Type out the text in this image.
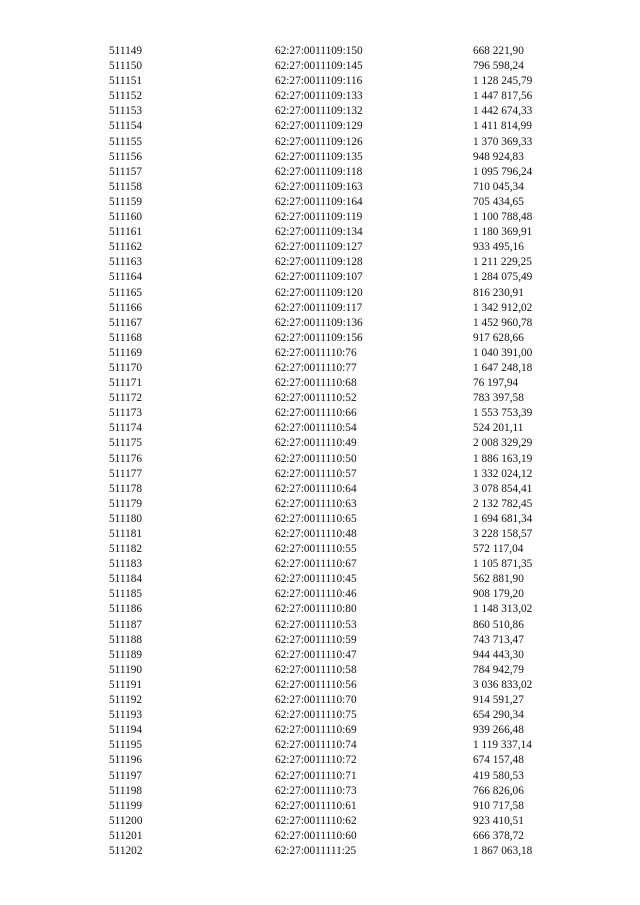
511149	62:27:0011109:150	668 221,90
511150	62:27:0011109:145	796 598,24
511151	62:27:0011109:116	1 128 245,79
511152	62:27:0011109:133	1 447 817,56
511153	62:27:0011109:132	1 442 674,33
511154	62:27:0011109:129	1 411 814,99
511155	62:27:0011109:126	1 370 369,33
511156	62:27:0011109:135	948 924,83
511157	62:27:0011109:118	1 095 796,24
511158	62:27:0011109:163	710 045,34
511159	62:27:0011109:164	705 434,65
511160	62:27:0011109:119	1 100 788,48
511161	62:27:0011109:134	1 180 369,91
511162	62:27:0011109:127	933 495,16
511163	62:27:0011109:128	1 211 229,25
511164	62:27:0011109:107	1 284 075,49
511165	62:27:0011109:120	816 230,91
511166	62:27:0011109:117	1 342 912,02
511167	62:27:0011109:136	1 452 960,78
511168	62:27:0011109:156	917 628,66
511169	62:27:0011110:76	1 040 391,00
511170	62:27:0011110:77	1 647 248,18
511171	62:27:0011110:68	76 197,94
511172	62:27:0011110:52	783 397,58
511173	62:27:0011110:66	1 553 753,39
511174	62:27:0011110:54	524 201,11
511175	62:27:0011110:49	2 008 329,29
511176	62:27:0011110:50	1 886 163,19
511177	62:27:0011110:57	1 332 024,12
511178	62:27:0011110:64	3 078 854,41
511179	62:27:0011110:63	2 132 782,45
511180	62:27:0011110:65	1 694 681,34
511181	62:27:0011110:48	3 228 158,57
511182	62:27:0011110:55	572 117,04
511183	62:27:0011110:67	1 105 871,35
511184	62:27:0011110:45	562 881,90
511185	62:27:0011110:46	908 179,20
511186	62:27:0011110:80	1 148 313,02
511187	62:27:0011110:53	860 510,86
511188	62:27:0011110:59	743 713,47
511189	62:27:0011110:47	944 443,30
511190	62:27:0011110:58	784 942,79
511191	62:27:0011110:56	3 036 833,02
511192	62:27:0011110:70	914 591,27
511193	62:27:0011110:75	654 290,34
511194	62:27:0011110:69	939 266,48
511195	62:27:0011110:74	1 119 337,14
511196	62:27:0011110:72	674 157,48
511197	62:27:0011110:71	419 580,53
511198	62:27:0011110:73	766 826,06
511199	62:27:0011110:61	910 717,58
511200	62:27:0011110:62	923 410,51
511201	62:27:0011110:60	666 378,72
511202	62:27:0011111:25	1 867 063,18
